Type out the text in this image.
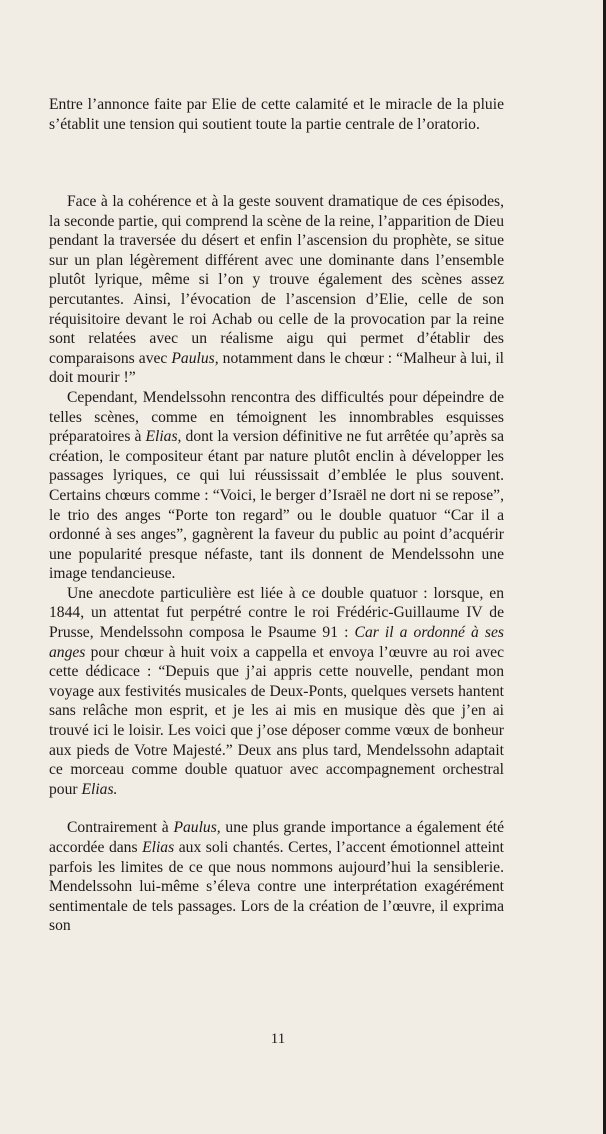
Entre l’annonce faite par Elie de cette calamité et le miracle de la pluie s’établit une tension qui soutient toute la partie centrale de l’oratorio.

Face à la cohérence et à la geste souvent dramatique de ces épisodes, la seconde partie, qui comprend la scène de la reine, l’apparition de Dieu pendant la traversée du désert et enfin l’ascension du prophète, se situe sur un plan légèrement différent avec une dominante dans l’ensemble plutôt lyrique, même si l’on y trouve également des scènes assez percutantes. Ainsi, l’évocation de l’ascension d’Elie, celle de son réquisitoire devant le roi Achab ou celle de la provocation par la reine sont relatées avec un réalisme aigu qui permet d’établir des comparaisons avec Paulus, notamment dans le chœur : “Malheur à lui, il doit mourir !”

Cependant, Mendelssohn rencontra des difficultés pour dépeindre de telles scènes, comme en témoignent les innombrables esquisses préparatoires à Elias, dont la version définitive ne fut arrêtée qu’après sa création, le compositeur étant par nature plutôt enclin à développer les passages lyriques, ce qui lui réussissait d’emblée le plus souvent. Certains chœurs comme : “Voici, le berger d’Israël ne dort ni se repose”, le trio des anges “Porte ton regard” ou le double quatuor “Car il a ordonné à ses anges”, gagnèrent la faveur du public au point d’acquérir une popularité presque néfaste, tant ils donnent de Mendelssohn une image tendancieuse.

Une anecdote particulière est liée à ce double quatuor : lorsque, en 1844, un attentat fut perpétré contre le roi Frédéric-Guillaume IV de Prusse, Mendelssohn composa le Psaume 91 : Car il a ordonné à ses anges pour chœur à huit voix a cappella et envoya l’œuvre au roi avec cette dédicace : “Depuis que j’ai appris cette nouvelle, pendant mon voyage aux festivités musicales de Deux-Ponts, quelques versets hantent sans relâche mon esprit, et je les ai mis en musique dès que j’en ai trouvé ici le loisir. Les voici que j’ose déposer comme vœux de bonheur aux pieds de Votre Majesté.” Deux ans plus tard, Mendelssohn adaptait ce morceau comme double quatuor avec accompagnement orchestral pour Elias.

Contrairement à Paulus, une plus grande importance a également été accordée dans Elias aux soli chantés. Certes, l’accent émotionnel atteint parfois les limites de ce que nous nommons aujourd’hui la sensiblerie. Mendelssohn lui-même s’éleva contre une interprétation exagérément sentimentale de tels passages. Lors de la création de l’œuvre, il exprima son

11
